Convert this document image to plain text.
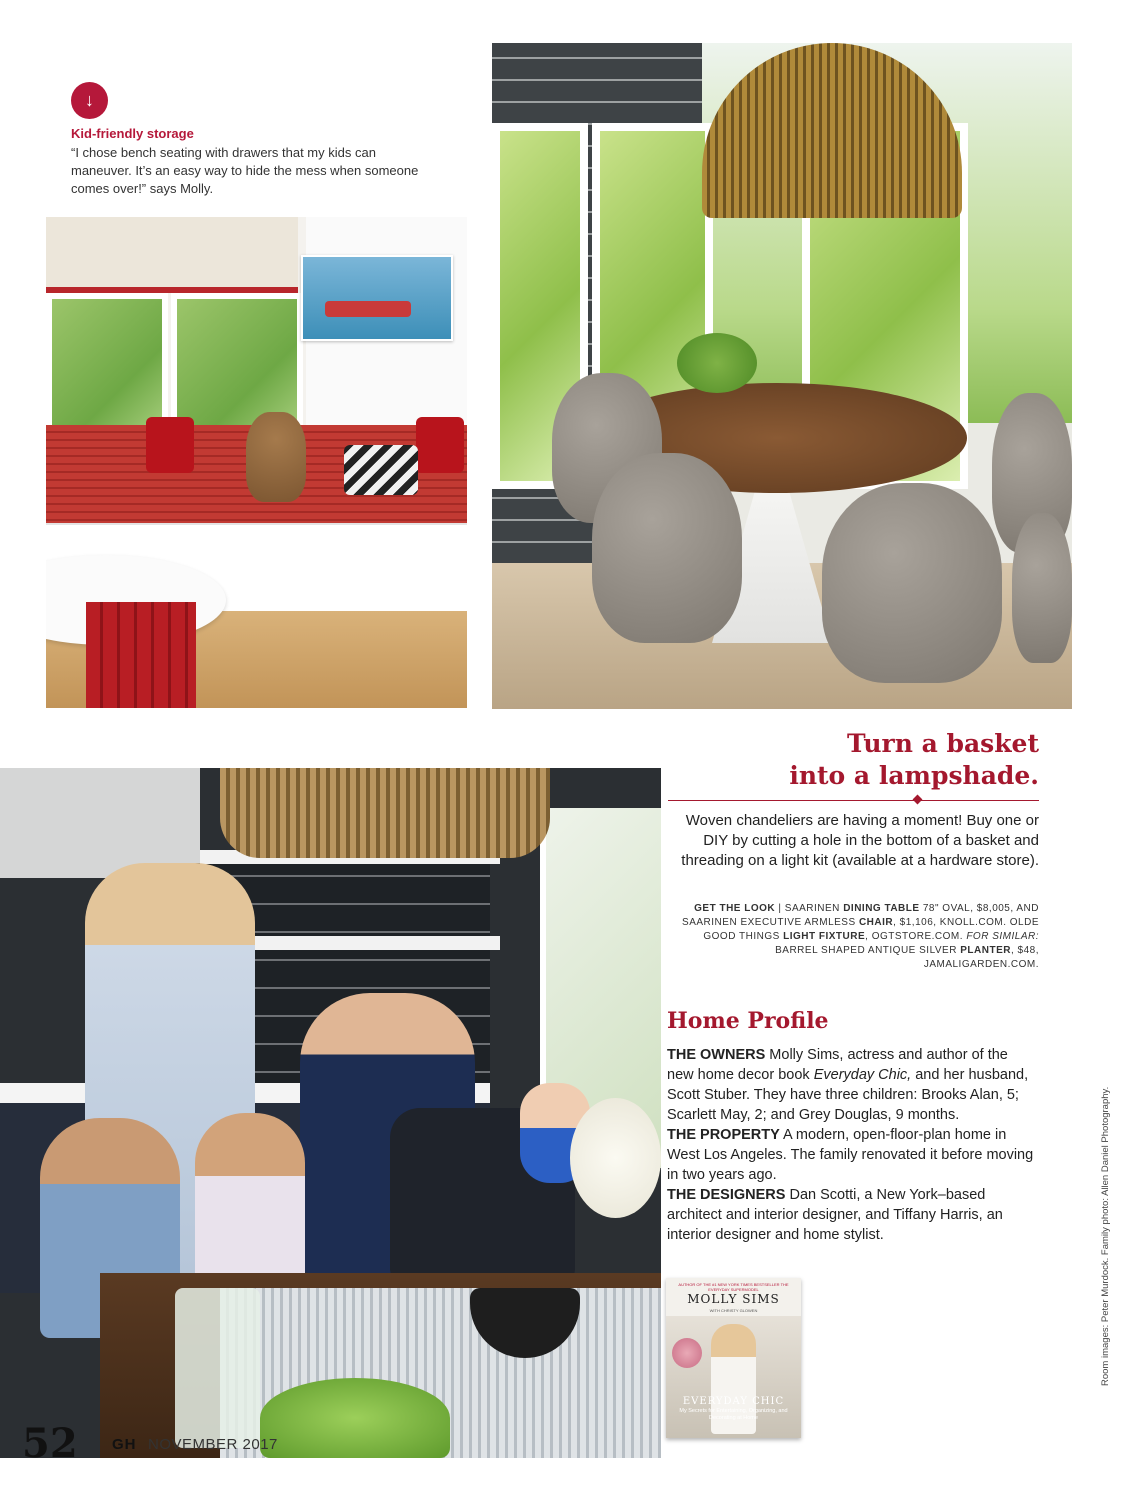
↓
Kid-friendly storage
“I chose bench seating with drawers that my kids can maneuver. It’s an easy way to hide the mess when someone comes over!” says Molly.
Turn a basket
into a lampshade.
Woven chandeliers are having a moment! Buy one or DIY by cutting a hole in the bottom of a basket and threading on a light kit (available at a hardware store).
GET THE LOOK | SAARINEN DINING TABLE 78" OVAL, $8,005, AND SAARINEN EXECUTIVE ARMLESS CHAIR, $1,106, KNOLL.COM. OLDE GOOD THINGS LIGHT FIXTURE, OGTSTORE.COM. FOR SIMILAR: BARREL SHAPED ANTIQUE SILVER PLANTER, $48, JAMALIGARDEN.COM.
Home Profile
THE OWNERS Molly Sims, actress and author of the new home decor book Everyday Chic, and her husband, Scott Stuber. They have three children: Brooks Alan, 5; Scarlett May, 2; and Grey Douglas, 9 months.
THE PROPERTY A modern, open-floor-plan home in West Los Angeles. The family renovated it before moving in two years ago.
THE DESIGNERS Dan Scotti, a New York–based architect and interior designer, and Tiffany Harris, an interior designer and home stylist.
AUTHOR OF THE #1 NEW YORK TIMES BESTSELLER THE EVERYDAY SUPERMODEL
MOLLY SIMS
WITH CHRISTY GLOWEN
EVERYDAY CHIC
My Secrets for Entertaining, Organizing, and Decorating at Home
Room images: Peter Murdock. Family photo: Allen Daniel Photography.
52 GH NOVEMBER 2017
